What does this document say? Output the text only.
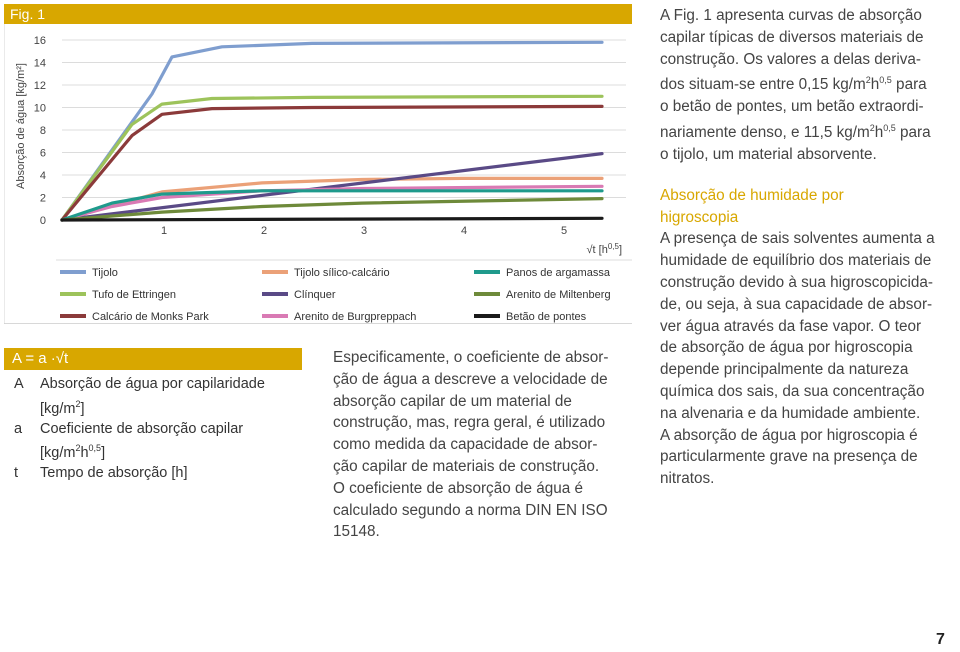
Fig. 1
16
14
12
10
8
6
4
2
0
1	2	3	4	5
Absorção de água [kg/m²]
√t $[h^{0,5}]$
Tijolo
Tufo de Ettringen
Calcário de Monks Park
Tijolo sílico-calcário
Clínquer
Arenito de Burgpreppach
Panos de argamassa
Arenito de Miltenberg
Betão de pontes
A = a ·√t
A Absorção de água por capilaridade
$[kg/m^2]$
a Coeficiente de absorção capilar
$[kg/m^2h^{0,5}]$
t Tempo de absorção [h]

Especificamente, o coeficiente de absor-

ção de água a descreve a velocidade de

absorção capilar de um material de

construção, mas, regra geral, é utilizado

como medida da capacidade de absor-

ção capilar de materiais de construção.

O coeficiente de absorção de água é

calculado segundo a norma DIN EN ISO

15148.

A Fig. 1 apresenta curvas de absorção

capilar típicas de diversos materiais de

construção. Os valores a delas deriva-

dos situam-se entre 0,15 $kg/m^2h^{0,5}$ para

o betão de pontes, um betão extraordi-

nariamente denso, e 11,5 $kg/m^2h^{0,5}$ para

o tijolo, um material absorvente.

Absorção de humidade por

higroscopia

A presença de sais solventes aumenta a

humidade de equilíbrio dos materiais de

construção devido à sua higroscopicida-

de, ou seja, à sua capacidade de absor-

ver água através da fase vapor. O teor

de absorção de água por higroscopia

depende principalmente da natureza

química dos sais, da sua concentração

na alvenaria e da humidade ambiente.

A absorção de água por higroscopia é

particularmente grave na presença de

nitratos.

7
